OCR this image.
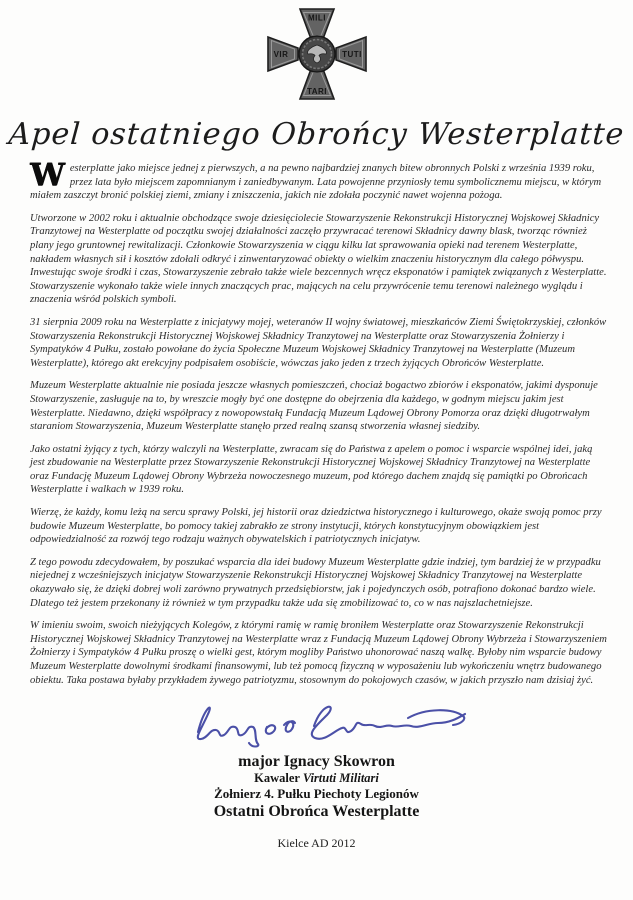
MILI
VIR	TUTI
TARI
Apel ostatniego Obrońcy Westerplatte

Westerplatte jako miejsce jednej z pierwszych, a na pewno najbardziej znanych bitew obronnych Polski z września 1939 roku, przez lata było miejscem zapomnianym i zaniedbywanym. Lata powojenne przyniosły temu symbolicznemu miejscu, w którym miałem zaszczyt bronić polskiej ziemi, zmiany i zniszczenia, jakich nie zdołała poczynić nawet wojenna pożoga.

Utworzone w 2002 roku i aktualnie obchodzące swoje dziesięciolecie Stowarzyszenie Rekonstrukcji Historycznej Wojskowej Składnicy Tranzytowej na Westerplatte od początku swojej działalności zaczęło przywracać terenowi Składnicy dawny blask, tworząc również plany jego gruntownej rewitalizacji. Członkowie Stowarzyszenia w ciągu kilku lat sprawowania opieki nad terenem Westerplatte, nakładem własnych sił i kosztów zdołali odkryć i zinwentaryzować obiekty o wielkim znaczeniu historycznym dla całego półwyspu. Inwestując swoje środki i czas, Stowarzyszenie zebrało także wiele bezcennych wręcz eksponatów i pamiątek związanych z Westerplatte. Stowarzyszenie wykonało także wiele innych znaczących prac, mających na celu przywrócenie temu terenowi należnego wyglądu i znaczenia wśród polskich symboli.

31 sierpnia 2009 roku na Westerplatte z inicjatywy mojej, weteranów II wojny światowej, mieszkańców Ziemi Świętokrzyskiej, członków Stowarzyszenia Rekonstrukcji Historycznej Wojskowej Składnicy Tranzytowej na Westerplatte oraz Stowarzyszenia Żołnierzy i Sympatyków 4 Pułku, zostało powołane do życia Społeczne Muzeum Wojskowej Składnicy Tranzytowej na Westerplatte (Muzeum Westerplatte), którego akt erekcyjny podpisałem osobiście, wówczas jako jeden z trzech żyjących Obrońców Westerplatte.

Muzeum Westerplatte aktualnie nie posiada jeszcze własnych pomieszczeń, chociaż bogactwo zbiorów i eksponatów, jakimi dysponuje Stowarzyszenie, zasługuje na to, by wreszcie mogły być one dostępne do obejrzenia dla każdego, w godnym miejscu jakim jest Westerplatte. Niedawno, dzięki współpracy z nowopowstałą Fundacją Muzeum Lądowej Obrony Pomorza oraz dzięki długotrwałym staraniom Stowarzyszenia, Muzeum Westerplatte stanęło przed realną szansą stworzenia własnej siedziby.

Jako ostatni żyjący z tych, którzy walczyli na Westerplatte, zwracam się do Państwa z apelem o pomoc i wsparcie wspólnej idei, jaką jest zbudowanie na Westerplatte przez Stowarzyszenie Rekonstrukcji Historycznej Wojskowej Składnicy Tranzytowej na Westerplatte oraz Fundację Muzeum Lądowej Obrony Wybrzeża nowoczesnego muzeum, pod którego dachem znajdą się pamiątki po Obrońcach Westerplatte i walkach w 1939 roku.

Wierzę, że każdy, komu leżą na sercu sprawy Polski, jej historii oraz dziedzictwa historycznego i kulturowego, okaże swoją pomoc przy budowie Muzeum Westerplatte, bo pomocy takiej zabrakło ze strony instytucji, których konstytucyjnym obowiązkiem jest odpowiedzialność za rozwój tego rodzaju ważnych obywatelskich i patriotycznych inicjatyw.

Z tego powodu zdecydowałem, by poszukać wsparcia dla idei budowy Muzeum Westerplatte gdzie indziej, tym bardziej że w przypadku niejednej z wcześniejszych inicjatyw Stowarzyszenie Rekonstrukcji Historycznej Wojskowej Składnicy Tranzytowej na Westerplatte okazywało się, że dzięki dobrej woli zarówno prywatnych przedsiębiorstw, jak i pojedynczych osób, potrafiono dokonać bardzo wiele. Dlatego też jestem przekonany iż również w tym przypadku także uda się zmobilizować to, co w nas najszlachetniejsze.

W imieniu swoim, swoich nieżyjących Kolegów, z którymi ramię w ramię broniłem Westerplatte oraz Stowarzyszenie Rekonstrukcji Historycznej Wojskowej Składnicy Tranzytowej na Westerplatte wraz z Fundacją Muzeum Lądowej Obrony Wybrzeża i Stowarzyszeniem Żołnierzy i Sympatyków 4 Pułku proszę o wielki gest, którym mogliby Państwo uhonorować naszą walkę. Byłoby nim wsparcie budowy Muzeum Westerplatte dowolnymi środkami finansowymi, lub też pomocą fizyczną w wyposażeniu lub wykończeniu wnętrz budowanego obiektu. Taka postawa byłaby przykładem żywego patriotyzmu, stosownym do pokojowych czasów, w jakich przyszło nam dzisiaj żyć.

major Ignacy Skowron
Kawaler Virtuti Militari
Żołnierz 4. Pułku Piechoty Legionów
Ostatni Obrońca Westerplatte
Kielce AD 2012
